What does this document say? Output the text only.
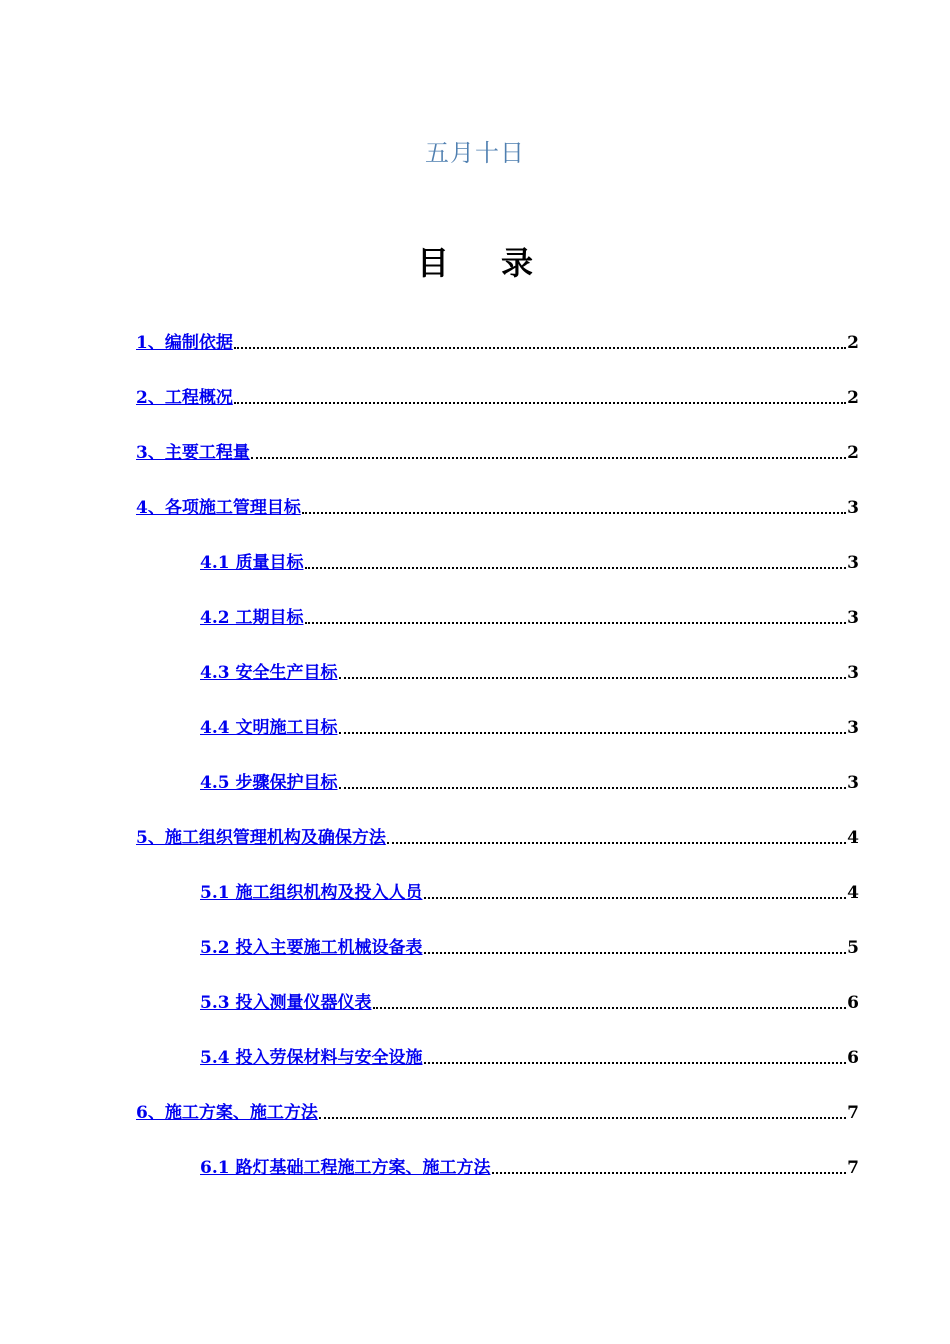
五月十日
目 录
1、编制依据	2
2、工程概况	2
3、主要工程量	2
4、各项施工管理目标	3
4.1 质量目标	3
4.2 工期目标	3
4.3 安全生产目标	3
4.4 文明施工目标	3
4.5 步骤保护目标	3
5、施工组织管理机构及确保方法	4
5.1 施工组织机构及投入人员	4
5.2 投入主要施工机械设备表	5
5.3 投入测量仪器仪表	6
5.4 投入劳保材料与安全设施	6
6、施工方案、施工方法	7
6.1 路灯基础工程施工方案、施工方法	7
